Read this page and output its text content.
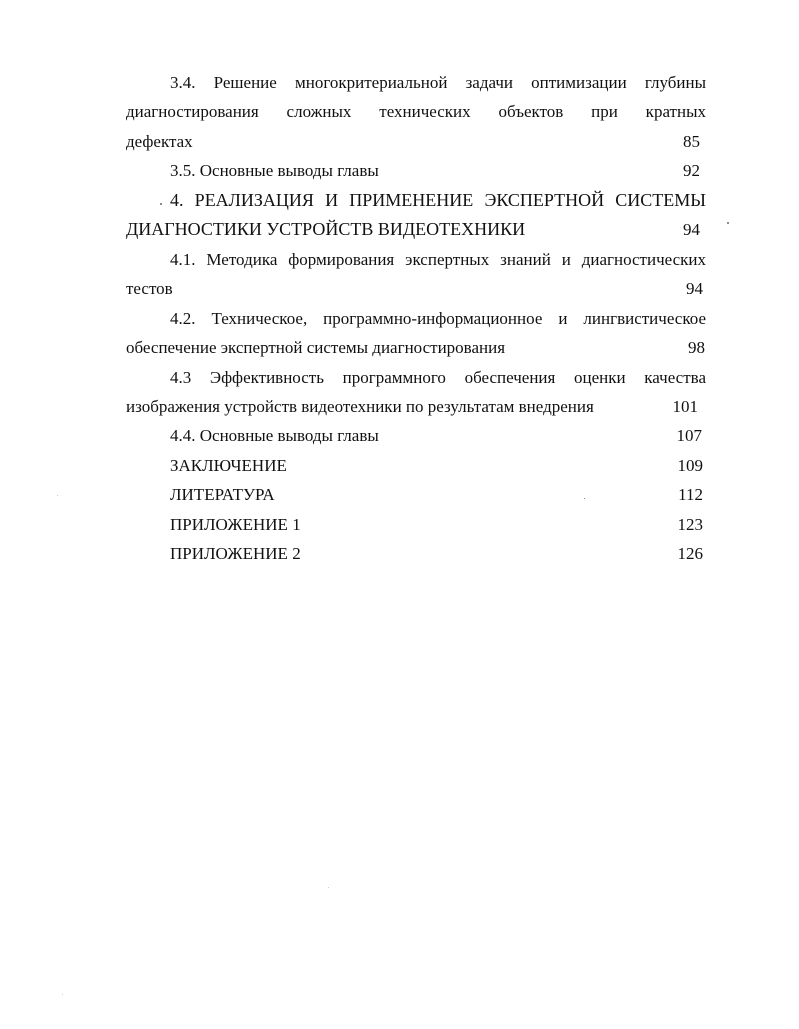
3.4. Решение многокритериальной задачи оптимизации глубины
диагностирования сложных технических объектов при кратных
дефектах	85
3.5. Основные выводы главы	92
4. РЕАЛИЗАЦИЯ И ПРИМЕНЕНИЕ ЭКСПЕРТНОЙ СИСТЕМЫ
ДИАГНОСТИКИ УСТРОЙСТВ ВИДЕОТЕХНИКИ	94
4.1. Методика формирования экспертных знаний и диагностических
тестов	94
4.2. Техническое, программно-информационное и лингвистическое
обеспечение экспертной системы диагностирования	98
4.3 Эффективность программного обеспечения оценки качества
изображения устройств видеотехники по результатам внедрения	101
4.4. Основные выводы главы	107
ЗАКЛЮЧЕНИЕ	109
ЛИТЕРАТУРА	112
ПРИЛОЖЕНИЕ 1	123
ПРИЛОЖЕНИЕ 2	126
